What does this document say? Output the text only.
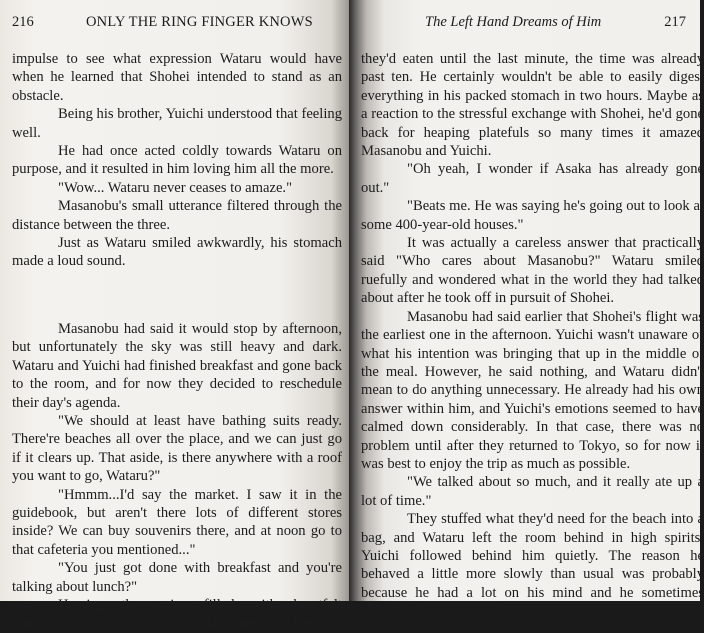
216	ONLY THE RING FINGER KNOWS

impulse to see what expression Wataru would have when he learned that Shohei intended to stand as an obstacle.

Being his brother, Yuichi understood that feeling well.

He had once acted coldly towards Wataru on purpose, and it resulted in him loving him all the more.

"Wow... Wataru never ceases to amaze."

Masanobu's small utterance filtered through the distance between the three.

Just as Wataru smiled awkwardly, his stomach made a loud sound.

Masanobu had said it would stop by afternoon, but unfortunately the sky was still heavy and dark. Wataru and Yuichi had finished breakfast and gone back to the room, and for now they decided to reschedule their day's agenda.

"We should at least have bathing suits ready. There're beaches all over the place, and we can just go if it clears up. That aside, is there anywhere with a roof you want to go, Wataru?"

"Hmmm...I'd say the market. I saw it in the guidebook, but aren't there lots of different stores inside? We can buy souvenirs there, and at noon go to that cafeteria you mentioned..."

"You just got done with breakfast and you're talking about lunch?"

Hearing the voice filled with heartfelt admiration, Wataru got sullen and turned red. Because

The Left Hand Dreams of Him	217

they'd eaten until the last minute, the time was already past ten. He certainly wouldn't be able to easily digest everything in his packed stomach in two hours. Maybe as a reaction to the stressful exchange with Shohei, he'd gone back for heaping platefuls so many times it amazed Masanobu and Yuichi.

"Oh yeah, I wonder if Asaka has already gone out."

"Beats me. He was saying he's going out to look at some 400-year-old houses."

It was actually a careless answer that practically said "Who cares about Masanobu?" Wataru smiled ruefully and wondered what in the world they had talked about after he took off in pursuit of Shohei.

Masanobu had said earlier that Shohei's flight was the earliest one in the afternoon. Yuichi wasn't unaware of what his intention was bringing that up in the middle of the meal. However, he said nothing, and Wataru didn't mean to do anything unnecessary. He already had his own answer within him, and Yuichi's emotions seemed to have calmed down considerably. In that case, there was no problem until after they returned to Tokyo, so for now it was best to enjoy the trip as much as possible.

"We talked about so much, and it really ate up a lot of time."

They stuffed what they'd need for the beach into a bag, and Wataru left the room behind in high spirits. Yuichi followed behind him quietly. The reason he behaved a little more slowly than usual was probably because he had a lot on his mind and he sometimes
